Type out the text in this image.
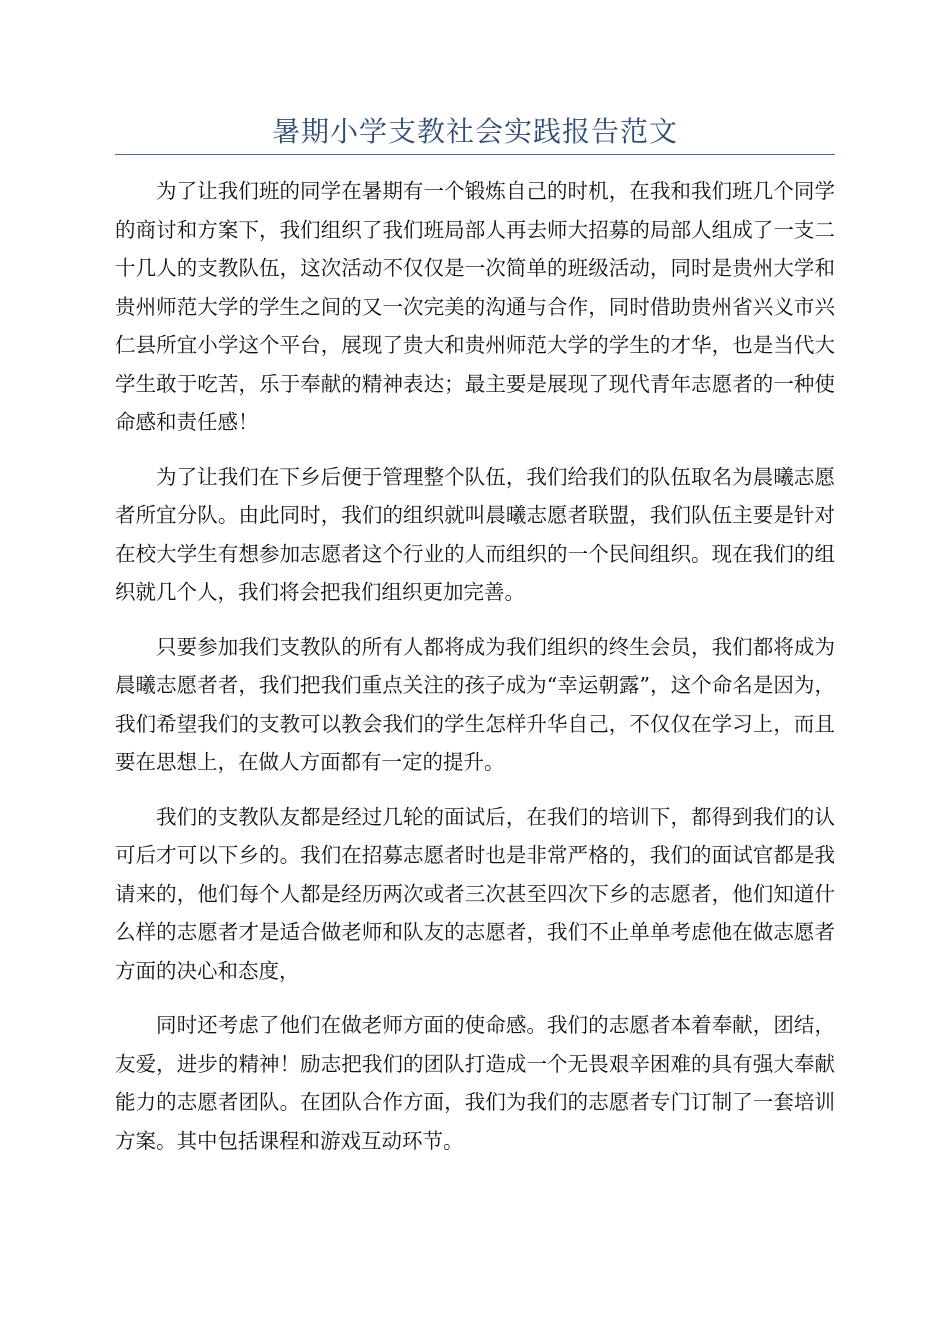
暑期小学支教社会实践报告范文

为了让我们班的同学在暑期有一个锻炼自己的时机，在我和我们班几个同学的商讨和方案下，我们组织了我们班局部人再去师大招募的局部人组成了一支二十几人的支教队伍，这次活动不仅仅是一次简单的班级活动，同时是贵州大学和贵州师范大学的学生之间的又一次完美的沟通与合作，同时借助贵州省兴义市兴仁县所宜小学这个平台，展现了贵大和贵州师范大学的学生的才华，也是当代大学生敢于吃苦，乐于奉献的精神表达；最主要是展现了现代青年志愿者的一种使命感和责任感！

为了让我们在下乡后便于管理整个队伍，我们给我们的队伍取名为晨曦志愿者所宜分队。由此同时，我们的组织就叫晨曦志愿者联盟，我们队伍主要是针对在校大学生有想参加志愿者这个行业的人而组织的一个民间组织。现在我们的组织就几个人，我们将会把我们组织更加完善。

只要参加我们支教队的所有人都将成为我们组织的终生会员，我们都将成为晨曦志愿者者，我们把我们重点关注的孩子成为“幸运朝露”，这个命名是因为，我们希望我们的支教可以教会我们的学生怎样升华自己，不仅仅在学习上，而且要在思想上，在做人方面都有一定的提升。

我们的支教队友都是经过几轮的面试后，在我们的培训下，都得到我们的认可后才可以下乡的。我们在招募志愿者时也是非常严格的，我们的面试官都是我请来的，他们每个人都是经历两次或者三次甚至四次下乡的志愿者，他们知道什么样的志愿者才是适合做老师和队友的志愿者，我们不止单单考虑他在做志愿者方面的决心和态度，

同时还考虑了他们在做老师方面的使命感。我们的志愿者本着奉献，团结，友爱，进步的精神！励志把我们的团队打造成一个无畏艰辛困难的具有强大奉献能力的志愿者团队。在团队合作方面，我们为我们的志愿者专门订制了一套培训方案。其中包括课程和游戏互动环节。
